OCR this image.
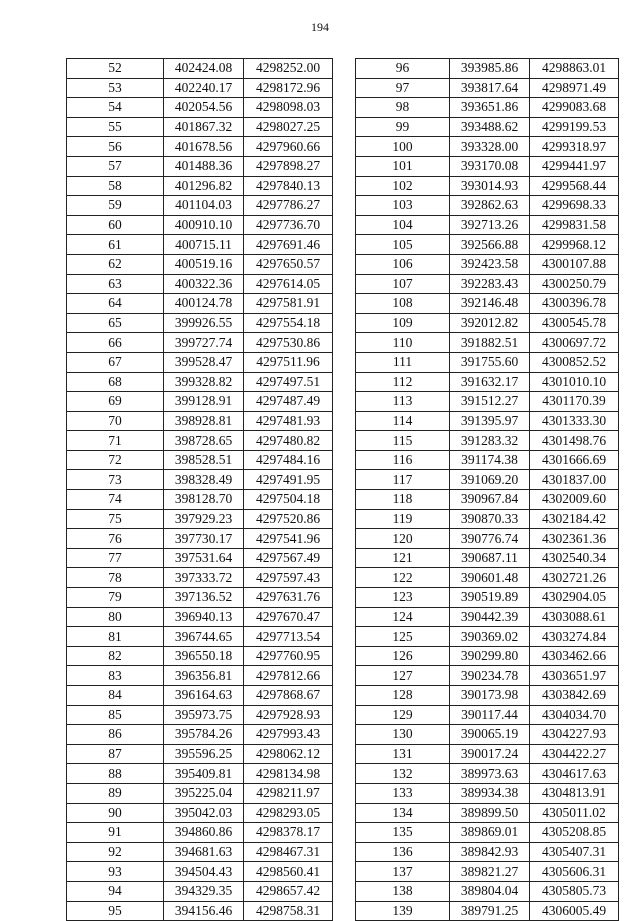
194
52	402424.08	4298252.00
53	402240.17	4298172.96
54	402054.56	4298098.03
55	401867.32	4298027.25
56	401678.56	4297960.66
57	401488.36	4297898.27
58	401296.82	4297840.13
59	401104.03	4297786.27
60	400910.10	4297736.70
61	400715.11	4297691.46
62	400519.16	4297650.57
63	400322.36	4297614.05
64	400124.78	4297581.91
65	399926.55	4297554.18
66	399727.74	4297530.86
67	399528.47	4297511.96
68	399328.82	4297497.51
69	399128.91	4297487.49
70	398928.81	4297481.93
71	398728.65	4297480.82
72	398528.51	4297484.16
73	398328.49	4297491.95
74	398128.70	4297504.18
75	397929.23	4297520.86
76	397730.17	4297541.96
77	397531.64	4297567.49
78	397333.72	4297597.43
79	397136.52	4297631.76
80	396940.13	4297670.47
81	396744.65	4297713.54
82	396550.18	4297760.95
83	396356.81	4297812.66
84	396164.63	4297868.67
85	395973.75	4297928.93
86	395784.26	4297993.43
87	395596.25	4298062.12
88	395409.81	4298134.98
89	395225.04	4298211.97
90	395042.03	4298293.05
91	394860.86	4298378.17
92	394681.63	4298467.31
93	394504.43	4298560.41
94	394329.35	4298657.42
95	394156.46	4298758.31
96	393985.86	4298863.01
97	393817.64	4298971.49
98	393651.86	4299083.68
99	393488.62	4299199.53
100	393328.00	4299318.97
101	393170.08	4299441.97
102	393014.93	4299568.44
103	392862.63	4299698.33
104	392713.26	4299831.58
105	392566.88	4299968.12
106	392423.58	4300107.88
107	392283.43	4300250.79
108	392146.48	4300396.78
109	392012.82	4300545.78
110	391882.51	4300697.72
111	391755.60	4300852.52
112	391632.17	4301010.10
113	391512.27	4301170.39
114	391395.97	4301333.30
115	391283.32	4301498.76
116	391174.38	4301666.69
117	391069.20	4301837.00
118	390967.84	4302009.60
119	390870.33	4302184.42
120	390776.74	4302361.36
121	390687.11	4302540.34
122	390601.48	4302721.26
123	390519.89	4302904.05
124	390442.39	4303088.61
125	390369.02	4303274.84
126	390299.80	4303462.66
127	390234.78	4303651.97
128	390173.98	4303842.69
129	390117.44	4304034.70
130	390065.19	4304227.93
131	390017.24	4304422.27
132	389973.63	4304617.63
133	389934.38	4304813.91
134	389899.50	4305011.02
135	389869.01	4305208.85
136	389842.93	4305407.31
137	389821.27	4305606.31
138	389804.04	4305805.73
139	389791.25	4306005.49
